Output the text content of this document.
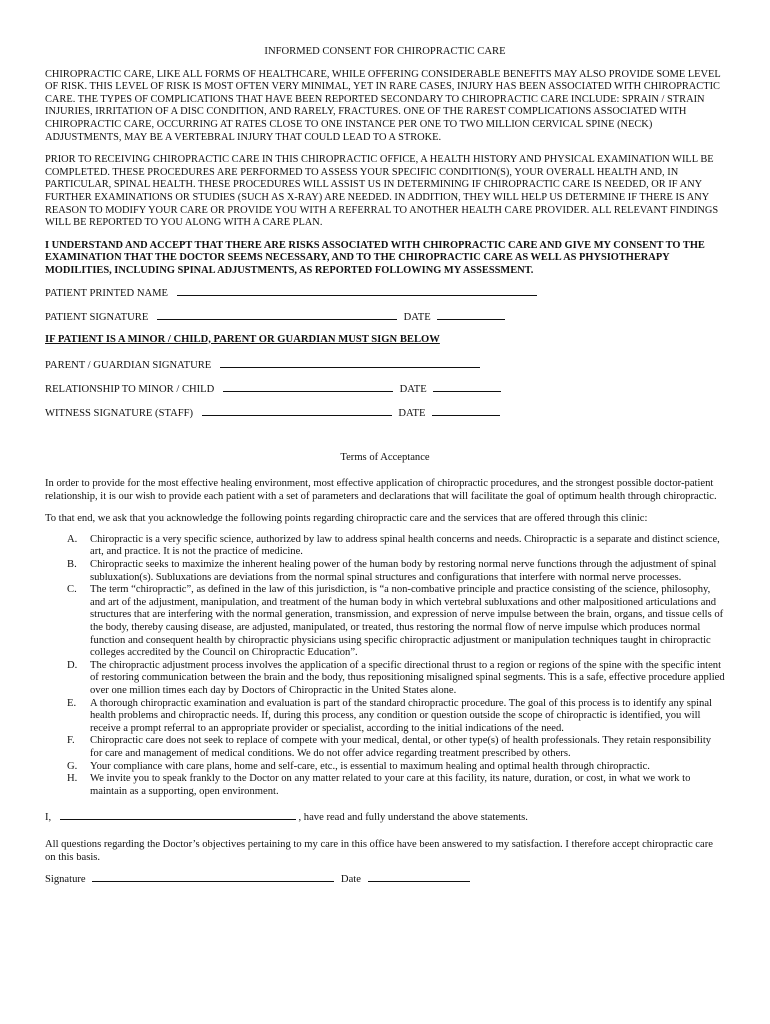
INFORMED CONSENT FOR CHIROPRACTIC CARE

CHIROPRACTIC CARE, LIKE ALL FORMS OF HEALTHCARE, WHILE OFFERING CONSIDERABLE BENEFITS MAY ALSO PROVIDE SOME LEVEL OF RISK. THIS LEVEL OF RISK IS MOST OFTEN VERY MINIMAL, YET IN RARE CASES, INJURY HAS BEEN ASSOCIATED WITH CHIROPRACTIC CARE. THE TYPES OF COMPLICATIONS THAT HAVE BEEN REPORTED SECONDARY TO CHIROPRACTIC CARE INCLUDE: SPRAIN / STRAIN INJURIES, IRRITATION OF A DISC CONDITION, AND RARELY, FRACTURES. ONE OF THE RAREST COMPLICATIONS ASSOCIATED WITH CHIROPRACTIC CARE, OCCURRING AT RATES CLOSE TO ONE INSTANCE PER ONE TO TWO MILLION CERVICAL SPINE (NECK) ADJUSTMENTS, MAY BE A VERTEBRAL INJURY THAT COULD LEAD TO A STROKE.

PRIOR TO RECEIVING CHIROPRACTIC CARE IN THIS CHIROPRACTIC OFFICE, A HEALTH HISTORY AND PHYSICAL EXAMINATION WILL BE COMPLETED. THESE PROCEDURES ARE PERFORMED TO ASSESS YOUR SPECIFIC CONDITION(S), YOUR OVERALL HEALTH AND, IN PARTICULAR, SPINAL HEALTH. THESE PROCEDURES WILL ASSIST US IN DETERMINING IF CHIROPRACTIC CARE IS NEEDED, OR IF ANY FURTHER EXAMINATIONS OR STUDIES (SUCH AS X-RAY) ARE NEEDED. IN ADDITION, THEY WILL HELP US DETERMINE IF THERE IS ANY REASON TO MODIFY YOUR CARE OR PROVIDE YOU WITH A REFERRAL TO ANOTHER HEALTH CARE PROVIDER. ALL RELEVANT FINDINGS WILL BE REPORTED TO YOU ALONG WITH A CARE PLAN.

I UNDERSTAND AND ACCEPT THAT THERE ARE RISKS ASSOCIATED WITH CHIROPRACTIC CARE AND GIVE MY CONSENT TO THE EXAMINATION THAT THE DOCTOR SEEMS NECESSARY, AND TO THE CHIROPRACTIC CARE AS WELL AS PHYSIOTHERAPY MODILITIES, INCLUDING SPINAL ADJUSTMENTS, AS REPORTED FOLLOWING MY ASSESSMENT.

PATIENT PRINTED NAME
PATIENT SIGNATURE	DATE
IF PATIENT IS A MINOR / CHILD, PARENT OR GUARDIAN MUST SIGN BELOW
PARENT / GUARDIAN SIGNATURE
RELATIONSHIP TO MINOR / CHILD	DATE
WITNESS SIGNATURE (STAFF)	DATE
Terms of Acceptance

In order to provide for the most effective healing environment, most effective application of chiropractic procedures, and the strongest possible doctor-patient relationship, it is our wish to provide each patient with a set of parameters and declarations that will facilitate the goal of optimum health through chiropractic.

To that end, we ask that you acknowledge the following points regarding chiropractic care and the services that are offered through this clinic:

A. Chiropractic is a very specific science, authorized by law to address spinal health concerns and needs. Chiropractic is a separate and distinct science, art, and practice. It is not the practice of medicine.
B. Chiropractic seeks to maximize the inherent healing power of the human body by restoring normal nerve functions through the adjustment of spinal subluxation(s). Subluxations are deviations from the normal spinal structures and configurations that interfere with normal nerve processes.
C. The term “chiropractic”, as defined in the law of this jurisdiction, is “a non-combative principle and practice consisting of the science, philosophy, and art of the adjustment, manipulation, and treatment of the human body in which vertebral subluxations and other malpositioned articulations and structures that are interfering with the normal generation, transmission, and expression of nerve impulse between the brain, organs, and tissue cells of the body, thereby causing disease, are adjusted, manipulated, or treated, thus restoring the normal flow of nerve impulse which produces normal function and consequent health by chiropractic physicians using specific chiropractic adjustment or manipulation techniques taught in chiropractic colleges accredited by the Council on Chiropractic Education”.
D. The chiropractic adjustment process involves the application of a specific directional thrust to a region or regions of the spine with the specific intent of restoring communication between the brain and the body, thus repositioning misaligned spinal segments. This is a safe, effective procedure applied over one million times each day by Doctors of Chiropractic in the United States alone.
E. A thorough chiropractic examination and evaluation is part of the standard chiropractic procedure. The goal of this process is to identify any spinal health problems and chiropractic needs. If, during this process, any condition or question outside the scope of chiropractic is identified, you will receive a prompt referral to an appropriate provider or specialist, according to the initial indications of the need.
F. Chiropractic care does not seek to replace of compete with your medical, dental, or other type(s) of health professionals. They retain responsibility for care and management of medical conditions. We do not offer advice regarding treatment prescribed by others.
G. Your compliance with care plans, home and self-care, etc., is essential to maximum healing and optimal health through chiropractic.
H. We invite you to speak frankly to the Doctor on any matter related to your care at this facility, its nature, duration, or cost, in what we work to maintain as a supporting, open environment.
I,	, have read and fully understand the above statements.

All questions regarding the Doctor’s objectives pertaining to my care in this office have been answered to my satisfaction. I therefore accept chiropractic care on this basis.

Signature	Date
